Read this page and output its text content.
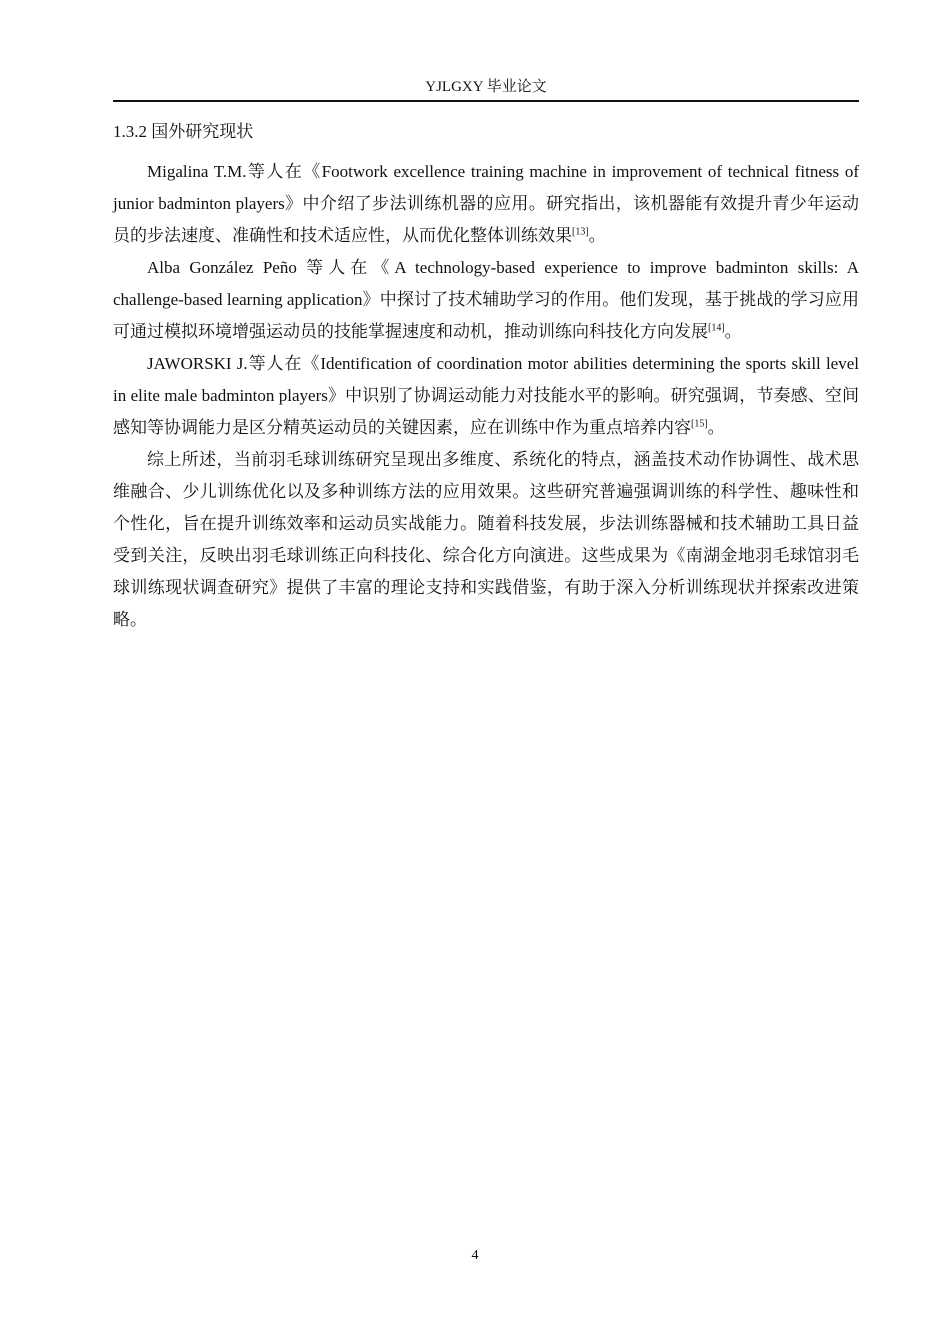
YJLGXY 毕业论文
1.3.2 国外研究现状

Migalina T.M.等人在《Footwork excellence training machine in improvement of technical fitness of junior badminton players》中介绍了步法训练机器的应用。研究指出，该机器能有效提升青少年运动员的步法速度、准确性和技术适应性，从而优化整体训练效果[13]。

Alba González Peño 等人在《A technology-based experience to improve badminton skills: A challenge-based learning application》中探讨了技术辅助学习的作用。他们发现，基于挑战的学习应用可通过模拟环境增强运动员的技能掌握速度和动机，推动训练向科技化方向发展[14]。

JAWORSKI J.等人在《Identification of coordination motor abilities determining the sports skill level in elite male badminton players》中识别了协调运动能力对技能水平的影响。研究强调，节奏感、空间感知等协调能力是区分精英运动员的关键因素，应在训练中作为重点培养内容[15]。

综上所述，当前羽毛球训练研究呈现出多维度、系统化的特点，涵盖技术动作协调性、战术思维融合、少儿训练优化以及多种训练方法的应用效果。这些研究普遍强调训练的科学性、趣味性和个性化，旨在提升训练效率和运动员实战能力。随着科技发展，步法训练器械和技术辅助工具日益受到关注，反映出羽毛球训练正向科技化、综合化方向演进。这些成果为《南湖金地羽毛球馆羽毛球训练现状调查研究》提供了丰富的理论支持和实践借鉴，有助于深入分析训练现状并探索改进策略。

4
